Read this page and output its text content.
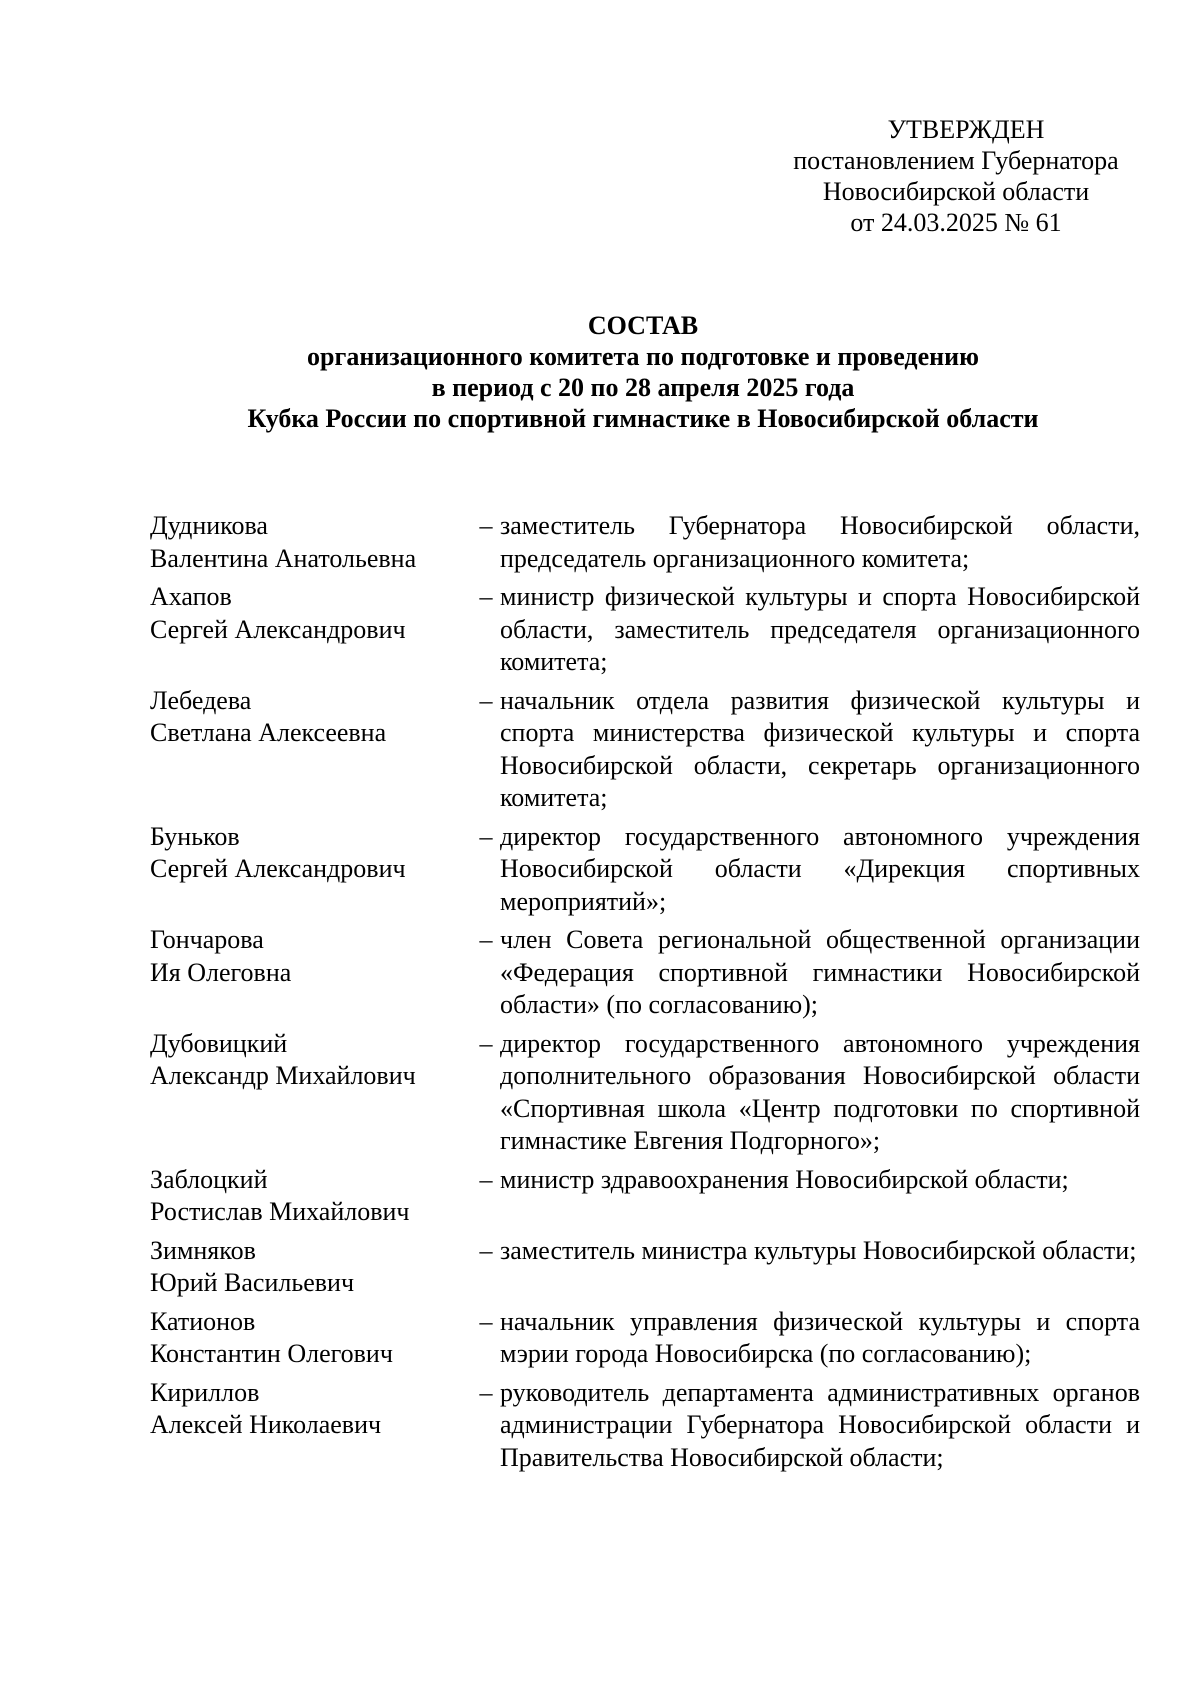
УТВЕРЖДЕН
постановлением Губернатора
Новосибирской области
от 24.03.2025 № 61
СОСТАВ
организационного комитета по подготовке и проведению
в период с 20 по 28 апреля 2025 года
Кубка России по спортивной гимнастике в Новосибирской области
Дудникова
Валентина Анатольевна
– заместитель Губернатора Новосибирской области, председатель организационного комитета;
Ахапов
Сергей Александрович
– министр физической культуры и спорта Новосибирской области, заместитель председателя организационного комитета;
Лебедева
Светлана Алексеевна
– начальник отдела развития физической культуры и спорта министерства физической культуры и спорта Новосибирской области, секретарь организационного комитета;
Буньков
Сергей Александрович
– директор государственного автономного учреждения Новосибирской области «Дирекция спортивных мероприятий»;
Гончарова
Ия Олеговна
– член Совета региональной общественной организации «Федерация спортивной гимнастики Новосибирской области» (по согласованию);
Дубовицкий
Александр Михайлович
– директор государственного автономного учреждения дополнительного образования Новосибирской области «Спортивная школа «Центр подготовки по спортивной гимнастике Евгения Подгорного»;
Заблоцкий
Ростислав Михайлович
– министр здравоохранения Новосибирской области;
Зимняков
Юрий Васильевич
– заместитель министра культуры Новосибирской области;
Катионов
Константин Олегович
– начальник управления физической культуры и спорта мэрии города Новосибирска (по согласованию);
Кириллов
Алексей Николаевич
– руководитель департамента административных органов администрации Губернатора Новосибирской области и Правительства Новосибирской области;
